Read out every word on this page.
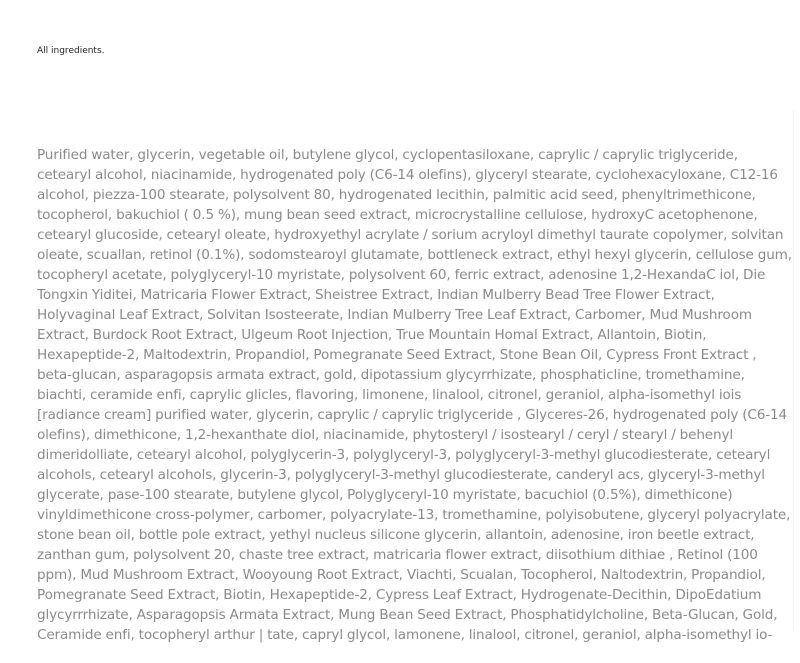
All ingredients.

Purified water, glycerin, vegetable oil, butylene glycol, cyclopentasiloxane, caprylic / caprylic triglyceride, cetearyl alcohol, niacinamide, hydrogenated poly (C6-14 olefins), glyceryl stearate, cyclohexacyloxane, C12-16 alcohol, piezza-100 stearate, polysolvent 80, hydrogenated lecithin, palmitic acid seed, phenyltrimethicone, tocopherol, bakuchiol ( 0.5 %), mung bean seed extract, microcrystalline cellulose, hydroxyC acetophenone, cetearyl glucoside, cetearyl oleate, hydroxyethyl acrylate / sorium acryloyl dimethyl taurate copolymer, solvitan oleate, scuallan, retinol (0.1%), sodomstearoyl glutamate, bottleneck extract, ethyl hexyl glycerin, cellulose gum, tocopheryl acetate, polyglyceryl-10 myristate, polysolvent 60, ferric extract, adenosine 1,2-HexandaC iol, Die Tongxin Yiditei, Matricaria Flower Extract, Sheistree Extract, Indian Mulberry Bead Tree Flower Extract, Holyvaginal Leaf Extract, Solvitan Isosteerate, Indian Mulberry Tree Leaf Extract, Carbomer, Mud Mushroom Extract, Burdock Root Extract, Ulgeum Root Injection, True Mountain Homal Extract, Allantoin, Biotin, Hexapeptide-2, Maltodextrin, Propandiol, Pomegranate Seed Extract, Stone Bean Oil, Cypress Front Extract , beta-glucan, asparagopsis armata extract, gold, dipotassium glycyrrhizate, phosphaticline, tromethamine, biachti, ceramide enfi, caprylic glicles, flavoring, limonene, linalool, citronel, geraniol, alpha-isomethyl iois [radiance cream] purified water, glycerin, caprylic / caprylic triglyceride , Glyceres-26, hydrogenated poly (C6-14 olefins), dimethicone, 1,2-hexanthate diol, niacinamide, phytosteryl / isostearyl / ceryl / stearyl / behenyl dimeridolliate, cetearyl alcohol, polyglycerin-3, polyglyceryl-3, polyglyceryl-3-methyl glucodiesterate, cetearyl alcohols, cetearyl alcohols, glycerin-3, polyglyceryl-3-methyl glucodiesterate, canderyl acs, glyceryl-3-methyl glycerate, pase-100 stearate, butylene glycol, Polyglyceryl-10 myristate, bacuchiol (0.5%), dimethicone) vinyldimethicone cross-polymer, carbomer, polyacrylate-13, tromethamine, polyisobutene, glyceryl polyacrylate, stone bean oil, bottle pole extract, yethyl nucleus silicone glycerin, allantoin, adenosine, iron beetle extract, zanthan gum, polysolvent 20, chaste tree extract, matricaria flower extract, diisothium dithiae , Retinol (100 ppm), Mud Mushroom Extract, Wooyoung Root Extract, Viachti, Scualan, Tocopherol, Naltodextrin, Propandiol, Pomegranate Seed Extract, Biotin, Hexapeptide-2, Cypress Leaf Extract, Hydrogenate-Decithin, DipoEdatium glycyrrrhizate, Asparagopsis Armata Extract, Mung Bean Seed Extract, Phosphatidylcholine, Beta-Glucan, Gold, Ceramide enfi, tocopheryl arthur | tate, capryl glycol, lamonene, linalool, citronel, geraniol, alpha-isomethyl io-
